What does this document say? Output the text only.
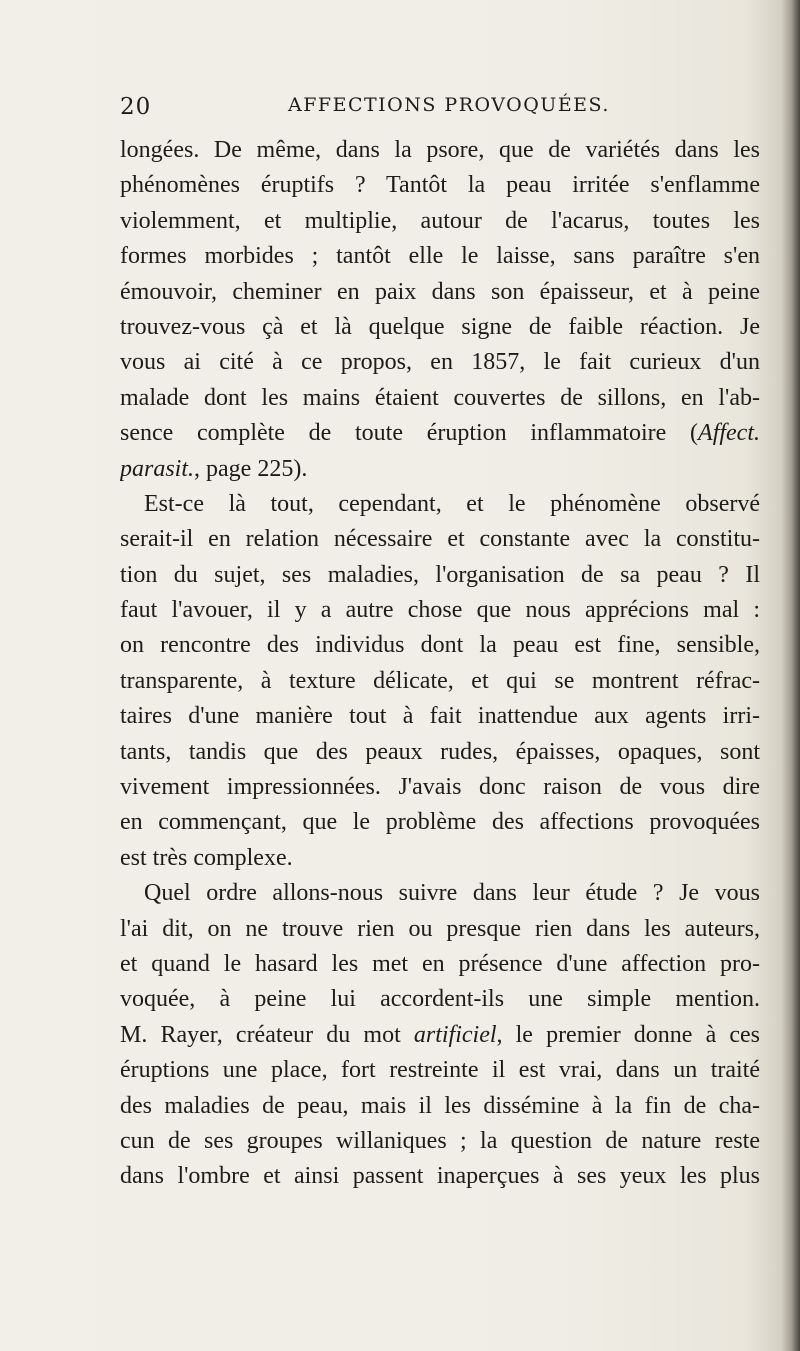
20	AFFECTIONS PROVOQUÉES.
longées. De même, dans la psore, que de variétés dans les
phénomènes éruptifs ? Tantôt la peau irritée s'enflamme
violemment, et multiplie, autour de l'acarus, toutes les
formes morbides ; tantôt elle le laisse, sans paraître s'en
émouvoir, cheminer en paix dans son épaisseur, et à peine
trouvez-vous çà et là quelque signe de faible réaction. Je
vous ai cité à ce propos, en 1857, le fait curieux d'un
malade dont les mains étaient couvertes de sillons, en l'ab-
sence complète de toute éruption inflammatoire (Affect.
parasit., page 225).
Est-ce là tout, cependant, et le phénomène observé
serait-il en relation nécessaire et constante avec la constitu-
tion du sujet, ses maladies, l'organisation de sa peau ? Il
faut l'avouer, il y a autre chose que nous apprécions mal :
on rencontre des individus dont la peau est fine, sensible,
transparente, à texture délicate, et qui se montrent réfrac-
taires d'une manière tout à fait inattendue aux agents irri-
tants, tandis que des peaux rudes, épaisses, opaques, sont
vivement impressionnées. J'avais donc raison de vous dire
en commençant, que le problème des affections provoquées
est très complexe.
Quel ordre allons-nous suivre dans leur étude ? Je vous
l'ai dit, on ne trouve rien ou presque rien dans les auteurs,
et quand le hasard les met en présence d'une affection pro-
voquée, à peine lui accordent-ils une simple mention.
M. Rayer, créateur du mot artificiel, le premier donne à ces
éruptions une place, fort restreinte il est vrai, dans un traité
des maladies de peau, mais il les dissémine à la fin de cha-
cun de ses groupes willaniques ; la question de nature reste
dans l'ombre et ainsi passent inaperçues à ses yeux les plus
